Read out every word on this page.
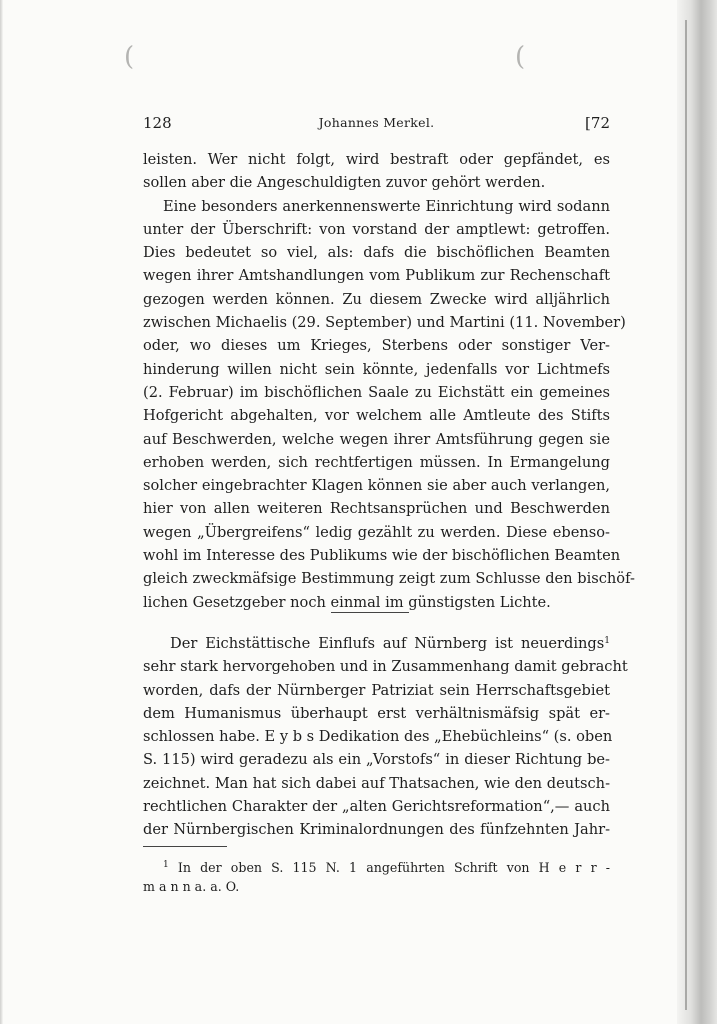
(	(
128	Johannes Merkel.	[72
leisten. Wer nicht folgt, wird bestraft oder gepfändet, es
sollen aber die Angeschuldigten zuvor gehört werden.
Eine besonders anerkennenswerte Einrichtung wird sodann
unter der Überschrift: von vorstand der amptlewt: getroffen.
Dies bedeutet so viel, als: dafs die bischöflichen Beamten
wegen ihrer Amtshandlungen vom Publikum zur Rechenschaft
gezogen werden können. Zu diesem Zwecke wird alljährlich
zwischen Michaelis (29. September) und Martini (11. November)
oder, wo dieses um Krieges, Sterbens oder sonstiger Ver-
hinderung willen nicht sein könnte, jedenfalls vor Lichtmefs
(2. Februar) im bischöflichen Saale zu Eichstätt ein gemeines
Hofgericht abgehalten, vor welchem alle Amtleute des Stifts
auf Beschwerden, welche wegen ihrer Amtsführung gegen sie
erhoben werden, sich rechtfertigen müssen. In Ermangelung
solcher eingebrachter Klagen können sie aber auch verlangen,
hier von allen weiteren Rechtsansprüchen und Beschwerden
wegen „Übergreifens“ ledig gezählt zu werden. Diese ebenso-
wohl im Interesse des Publikums wie der bischöflichen Beamten
gleich zweckmäfsige Bestimmung zeigt zum Schlusse den bischöf-
lichen Gesetzgeber noch einmal im günstigsten Lichte.
Der Eichstättische Einflufs auf Nürnberg ist neuerdings$^1$
sehr stark hervorgehoben und in Zusammenhang damit gebracht
worden, dafs der Nürnberger Patriziat sein Herrschaftsgebiet
dem Humanismus überhaupt erst verhältnismäfsig spät er-
schlossen habe. E y b s Dedikation des „Ehebüchleins“ (s. oben
S. 115) wird geradezu als ein „Vorstofs“ in dieser Richtung be-
zeichnet. Man hat sich dabei auf Thatsachen, wie den deutsch-
rechtlichen Charakter der „alten Gerichtsreformation“,— auch
der Nürnbergischen Kriminalordnungen des fünfzehnten Jahr-
$^1$ In der oben S. 115 N. 1 angeführten Schrift von H e r r -
m a n n a. a. O.
